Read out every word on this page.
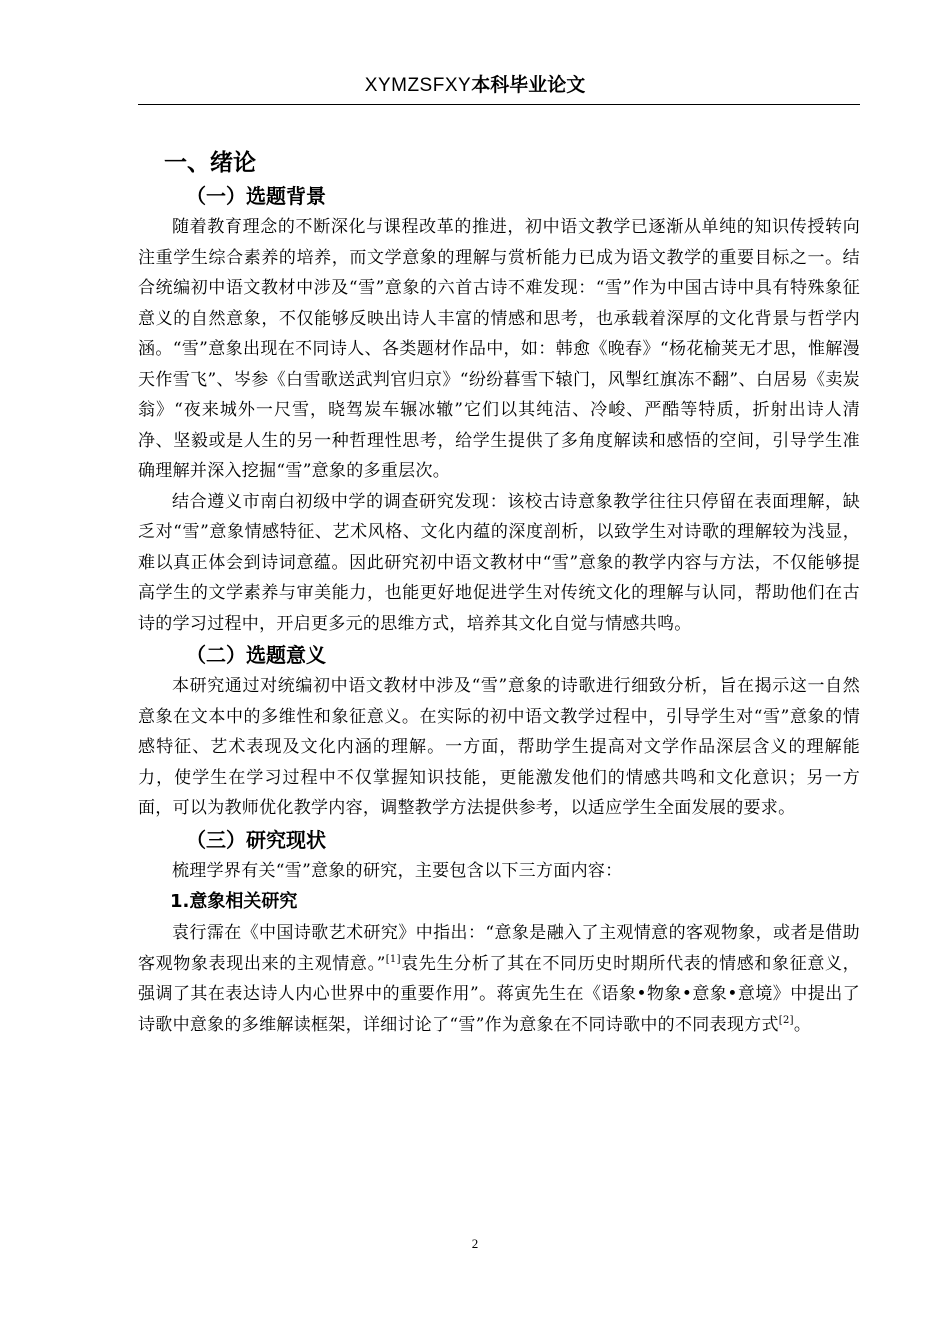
XYMZSFXY本科毕业论文
一、绪论
（一）选题背景

随着教育理念的不断深化与课程改革的推进，初中语文教学已逐渐从单纯的知识传授转向注重学生综合素养的培养，而文学意象的理解与赏析能力已成为语文教学的重要目标之一。结合统编初中语文教材中涉及“雪”意象的六首古诗不难发现：“雪”作为中国古诗中具有特殊象征意义的自然意象，不仅能够反映出诗人丰富的情感和思考，也承载着深厚的文化背景与哲学内涵。“雪”意象出现在不同诗人、各类题材作品中，如：韩愈《晚春》“杨花榆荚无才思，惟解漫天作雪飞”、岑参《白雪歌送武判官归京》“纷纷暮雪下辕门，风掣红旗冻不翻”、白居易《卖炭翁》“夜来城外一尺雪，晓驾炭车辗冰辙”它们以其纯洁、冷峻、严酷等特质，折射出诗人清净、坚毅或是人生的另一种哲理性思考，给学生提供了多角度解读和感悟的空间，引导学生准确理解并深入挖掘“雪”意象的多重层次。

结合遵义市南白初级中学的调查研究发现：该校古诗意象教学往往只停留在表面理解，缺乏对“雪”意象情感特征、艺术风格、文化内蕴的深度剖析，以致学生对诗歌的理解较为浅显，难以真正体会到诗词意蕴。因此研究初中语文教材中“雪”意象的教学内容与方法，不仅能够提高学生的文学素养与审美能力，也能更好地促进学生对传统文化的理解与认同，帮助他们在古诗的学习过程中，开启更多元的思维方式，培养其文化自觉与情感共鸣。

（二）选题意义

本研究通过对统编初中语文教材中涉及“雪”意象的诗歌进行细致分析，旨在揭示这一自然意象在文本中的多维性和象征意义。在实际的初中语文教学过程中，引导学生对“雪”意象的情感特征、艺术表现及文化内涵的理解。一方面，帮助学生提高对文学作品深层含义的理解能力，使学生在学习过程中不仅掌握知识技能，更能激发他们的情感共鸣和文化意识；另一方面，可以为教师优化教学内容，调整教学方法提供参考，以适应学生全面发展的要求。

（三）研究现状

梳理学界有关“雪”意象的研究，主要包含以下三方面内容：

1.意象相关研究

袁行霈在《中国诗歌艺术研究》中指出：“意象是融入了主观情意的客观物象，或者是借助客观物象表现出来的主观情意。”[1]袁先生分析了其在不同历史时期所代表的情感和象征意义，强调了其在表达诗人内心世界中的重要作用”。蒋寅先生在《语象•物象•意象•意境》中提出了诗歌中意象的多维解读框架，详细讨论了“雪”作为意象在不同诗歌中的不同表现方式[2]。

2
